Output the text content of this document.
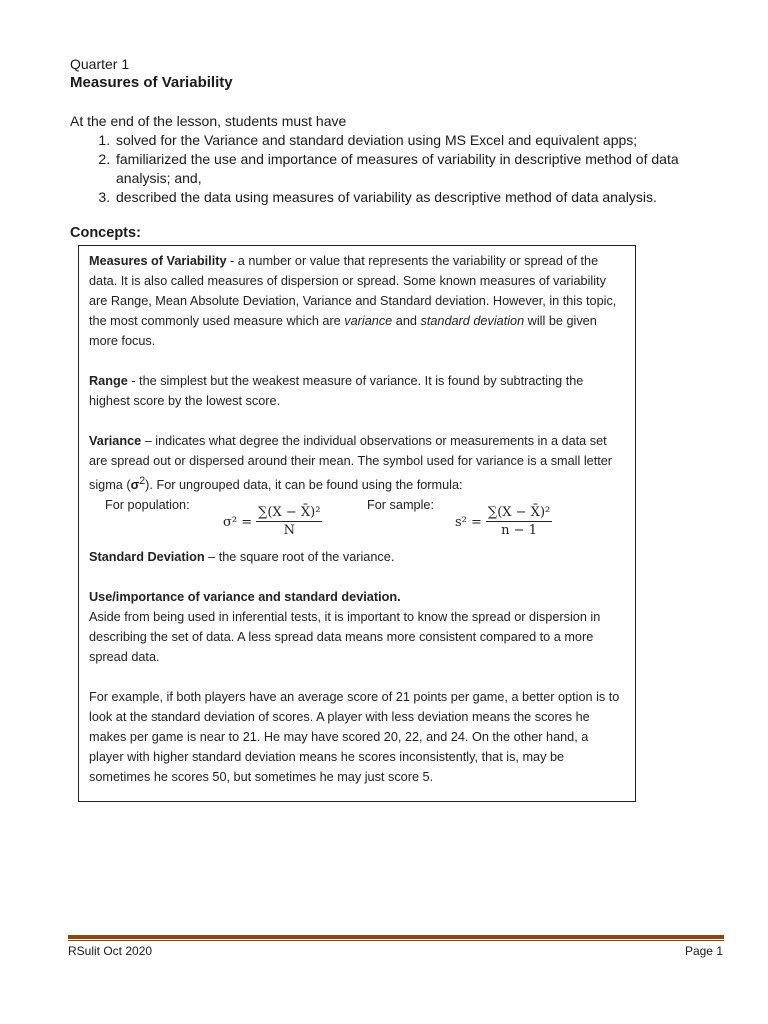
Quarter 1
Measures of Variability
At the end of the lesson, students must have
1. solved for the Variance and standard deviation using MS Excel and equivalent apps;
2. familiarized the use and importance of measures of variability in descriptive method of data analysis; and,
3. described the data using measures of variability as descriptive method of data analysis.
Concepts:

Measures of Variability - a number or value that represents the variability or spread of the data. It is also called measures of dispersion or spread. Some known measures of variability are Range, Mean Absolute Deviation, Variance and Standard deviation. However, in this topic, the most commonly used measure which are variance and standard deviation will be given more focus.

Range - the simplest but the weakest measure of variance. It is found by subtracting the highest score by the lowest score.

Variance – indicates what degree the individual observations or measurements in a data set are spread out or dispersed around their mean. The symbol used for variance is a small letter sigma $(\sigma^2)$. For ungrouped data, it can be found using the formula:

For population:
$\sigma^2 = \frac{\text{∑(X − X̄)²}}{N}$	For sample:
$s^2 = \frac{\text{∑(X − X̄)²}}{n - 1}$

Standard Deviation – the square root of the variance.

Use/importance of variance and standard deviation.

Aside from being used in inferential tests, it is important to know the spread or dispersion in describing the set of data. A less spread data means more consistent compared to a more spread data.

For example, if both players have an average score of 21 points per game, a better option is to look at the standard deviation of scores. A player with less deviation means the scores he makes per game is near to 21. He may have scored 20, 22, and 24. On the other hand, a player with higher standard deviation means he scores inconsistently, that is, may be sometimes he scores 50, but sometimes he may just score 5.

RSulit Oct 2020	Page 1
